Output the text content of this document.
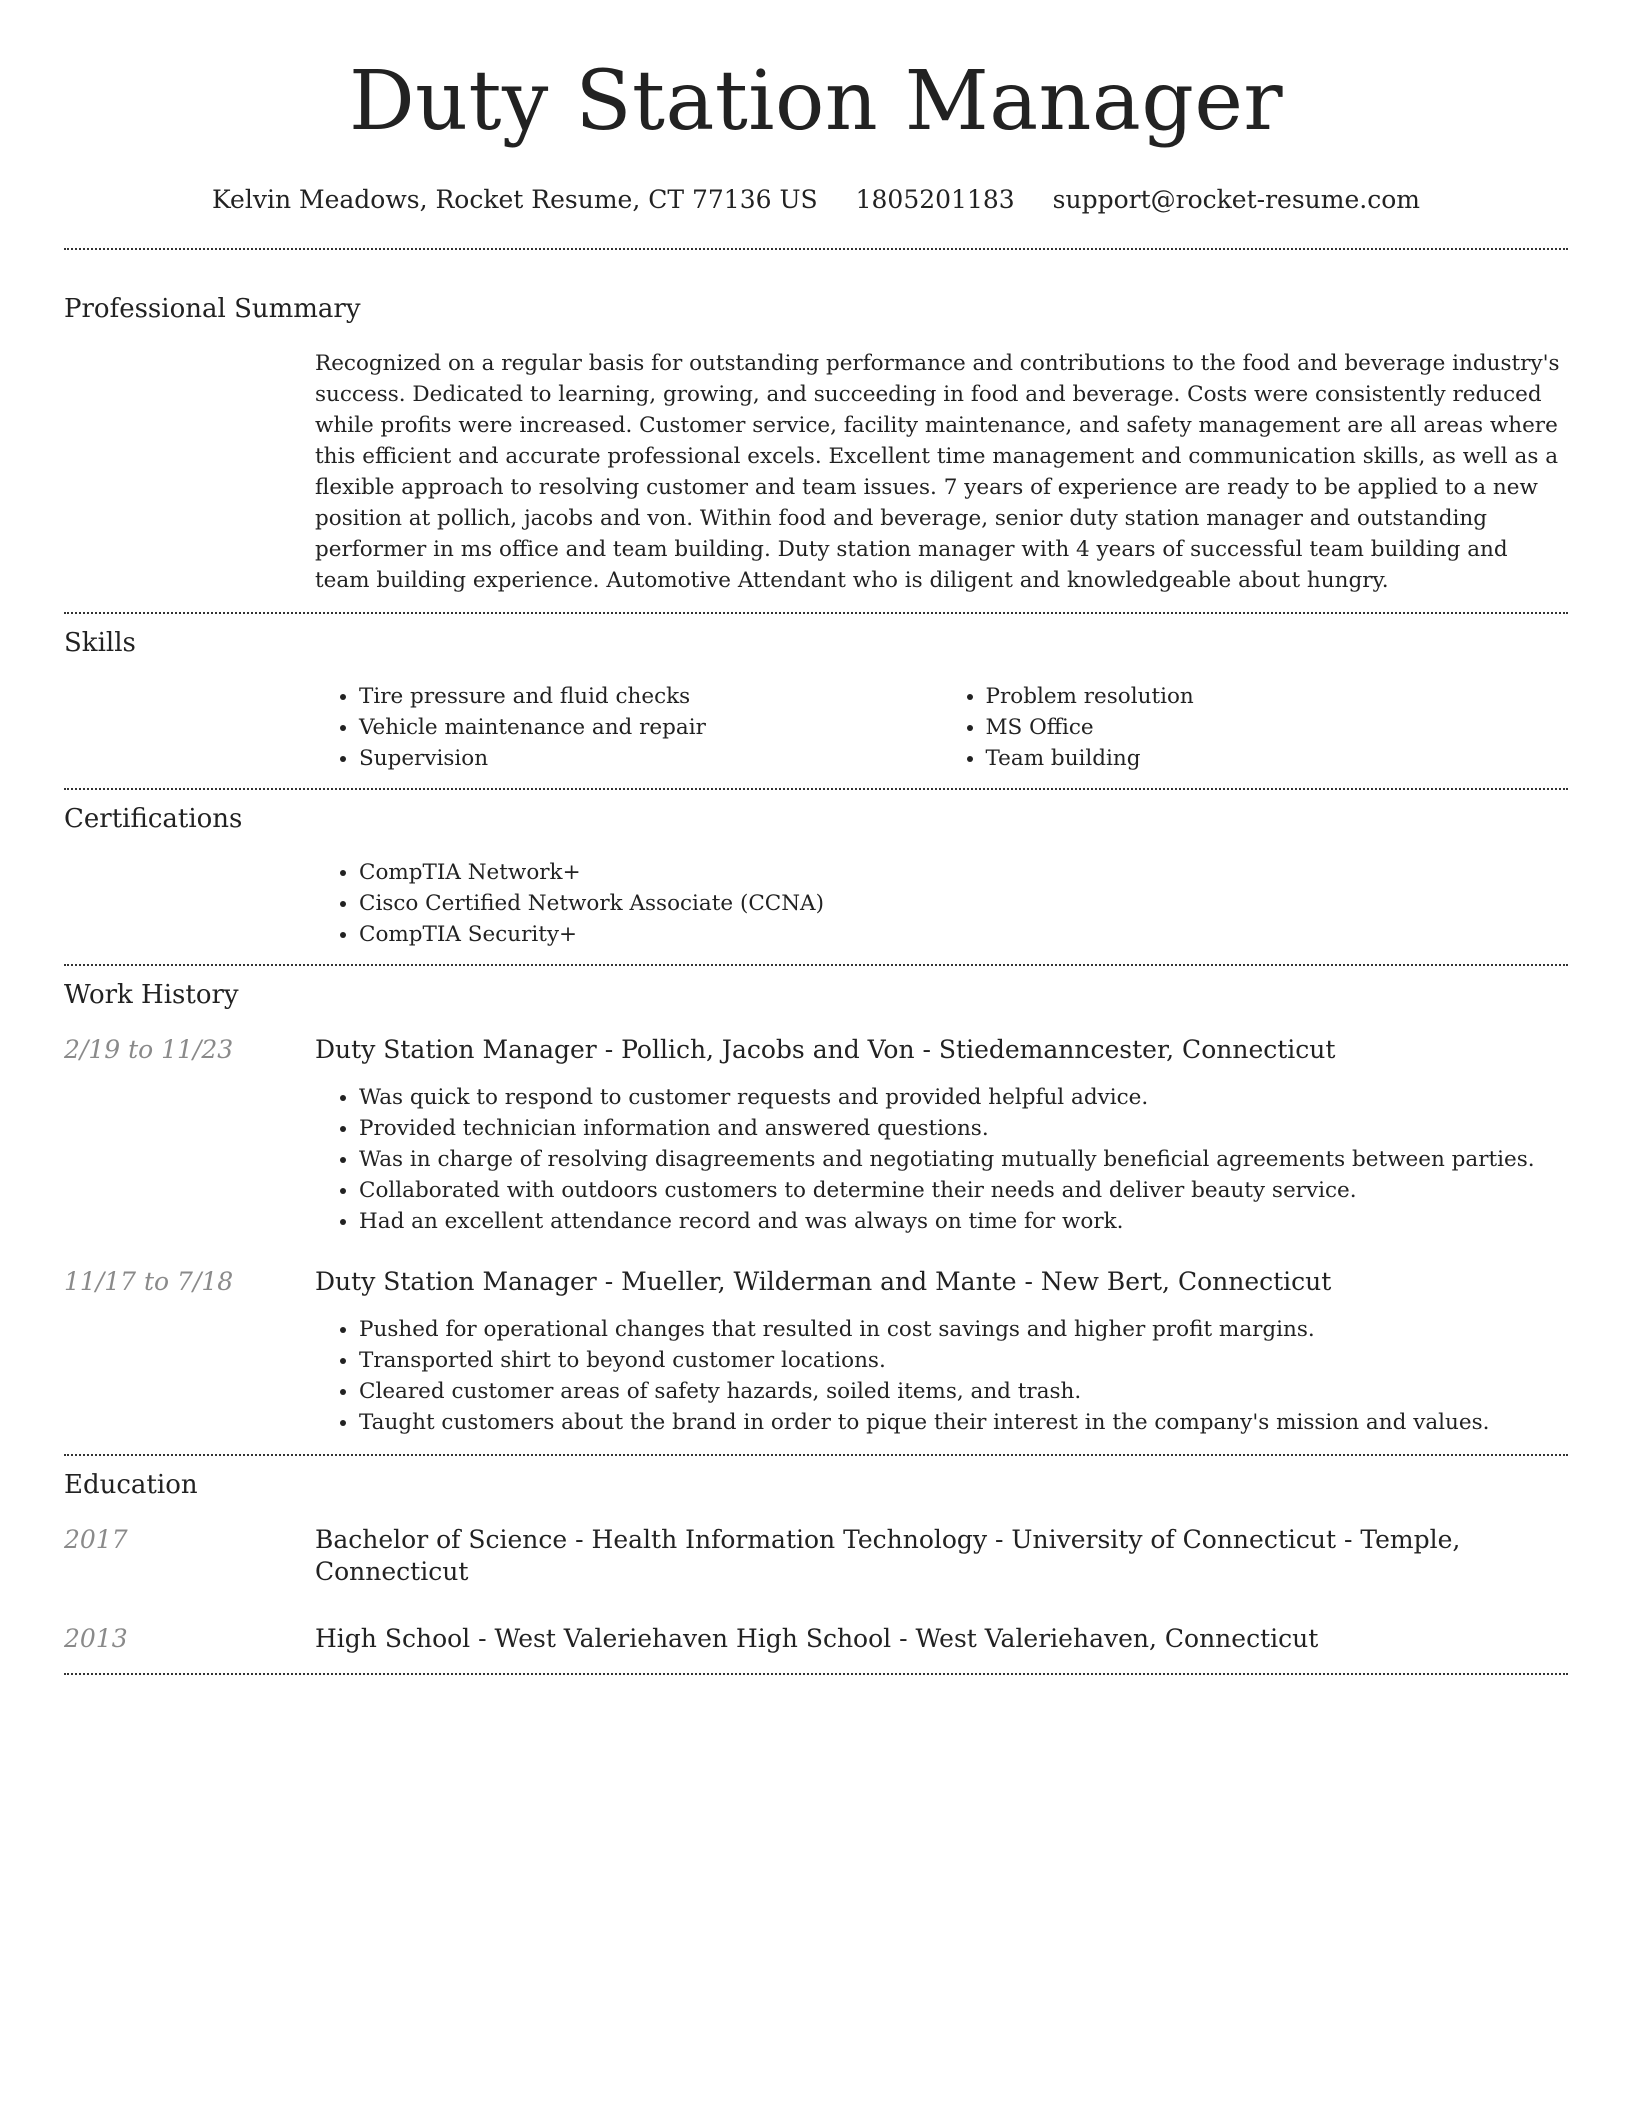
Duty Station Manager
Kelvin Meadows, Rocket Resume, CT 77136 US 1805201183 support@rocket-resume.com
Professional Summary
Recognized on a regular basis for outstanding performance and contributions to the food and beverage industry's success. Dedicated to learning, growing, and succeeding in food and beverage. Costs were consistently reduced while profits were increased. Customer service, facility maintenance, and safety management are all areas where this efficient and accurate professional excels. Excellent time management and communication skills, as well as a flexible approach to resolving customer and team issues. 7 years of experience are ready to be applied to a new position at pollich, jacobs and von. Within food and beverage, senior duty station manager and outstanding performer in ms office and team building. Duty station manager with 4 years of successful team building and team building experience. Automotive Attendant who is diligent and knowledgeable about hungry.
Skills
• Tire pressure and fluid checks
• Vehicle maintenance and repair
• Supervision
• Problem resolution
• MS Office
• Team building
Certifications
• CompTIA Network+
• Cisco Certified Network Associate (CCNA)
• CompTIA Security+
Work History
2/19 to 11/23	Duty Station Manager - Pollich, Jacobs and Von - Stiedemanncester, Connecticut
• Was quick to respond to customer requests and provided helpful advice.
• Provided technician information and answered questions.
• Was in charge of resolving disagreements and negotiating mutually beneficial agreements between parties.
• Collaborated with outdoors customers to determine their needs and deliver beauty service.
• Had an excellent attendance record and was always on time for work.
11/17 to 7/18	Duty Station Manager - Mueller, Wilderman and Mante - New Bert, Connecticut
• Pushed for operational changes that resulted in cost savings and higher profit margins.
• Transported shirt to beyond customer locations.
• Cleared customer areas of safety hazards, soiled items, and trash.
• Taught customers about the brand in order to pique their interest in the company's mission and values.
Education
2017	Bachelor of Science - Health Information Technology - University of Connecticut - Temple, Connecticut
2013	High School - West Valeriehaven High School - West Valeriehaven, Connecticut
